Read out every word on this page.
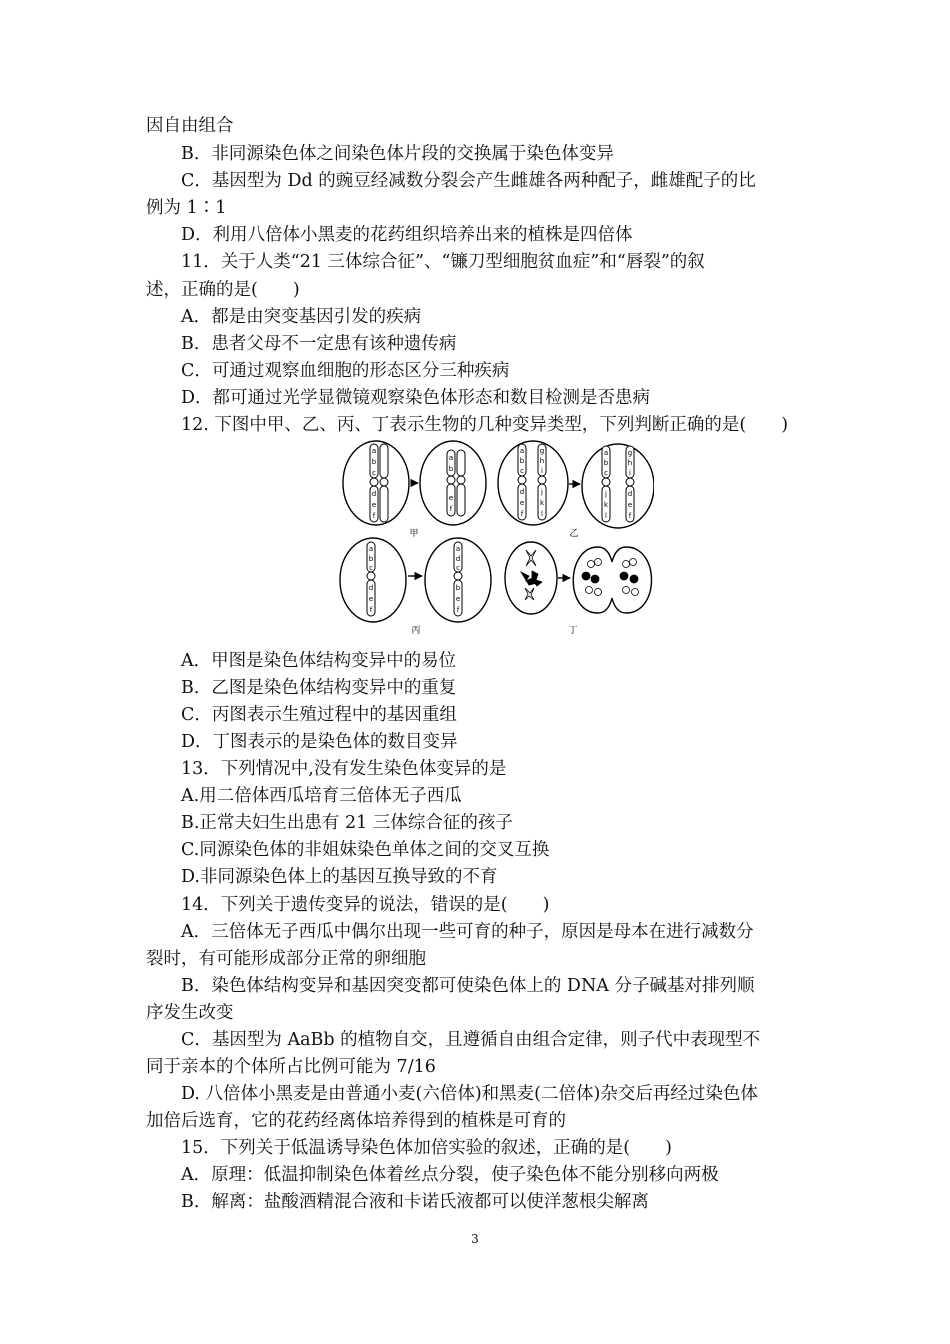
因自由组合
B．非同源染色体之间染色体片段的交换属于染色体变异
C．基因型为 Dd 的豌豆经减数分裂会产生雌雄各两种配子，雌雄配子的比
例为 1∶1
D．利用八倍体小黑麦的花药组织培养出来的植株是四倍体
11．关于人类“21 三体综合征”、“镰刀型细胞贫血症”和“唇裂”的叙
述，正确的是(　　)
A．都是由突变基因引发的疾病
B．患者父母不一定患有该种遗传病
C．可通过观察血细胞的形态区分三种疾病
D．都可通过光学显微镜观察染色体形态和数目检测是否患病
12. 下图中甲、乙、丙、丁表示生物的几种变异类型，下列判断正确的是(　　)
a
b
c
d
e
f
a
b
e
f
甲
a
b
c
d
e
f
g
h
i
j
k
l
a
b
c
j
k
l
g
h
i
d
e
f
乙
a
b
c
d
e
f
a
d
c
b
e
f
丙	丁
A．甲图是染色体结构变异中的易位
B．乙图是染色体结构变异中的重复
C．丙图表示生殖过程中的基因重组
D．丁图表示的是染色体的数目变异
13．下列情况中,没有发生染色体变异的是
A.用二倍体西瓜培育三倍体无子西瓜
B.正常夫妇生出患有 21 三体综合征的孩子
C.同源染色体的非姐妹染色单体之间的交叉互换
D.非同源染色体上的基因互换导致的不育
14．下列关于遗传变异的说法，错误的是(　　)
A．三倍体无子西瓜中偶尔出现一些可育的种子，原因是母本在进行减数分
裂时，有可能形成部分正常的卵细胞
B．染色体结构变异和基因突变都可使染色体上的 DNA 分子碱基对排列顺
序发生改变
C．基因型为 AaBb 的植物自交，且遵循自由组合定律，则子代中表现型不
同于亲本的个体所占比例可能为 7/16
D. 八倍体小黑麦是由普通小麦(六倍体)和黑麦(二倍体)杂交后再经过染色体
加倍后选育，它的花药经离体培养得到的植株是可育的
15．下列关于低温诱导染色体加倍实验的叙述，正确的是(　　)
A．原理：低温抑制染色体着丝点分裂，使子染色体不能分别移向两极
B．解离：盐酸酒精混合液和卡诺氏液都可以使洋葱根尖解离
3
